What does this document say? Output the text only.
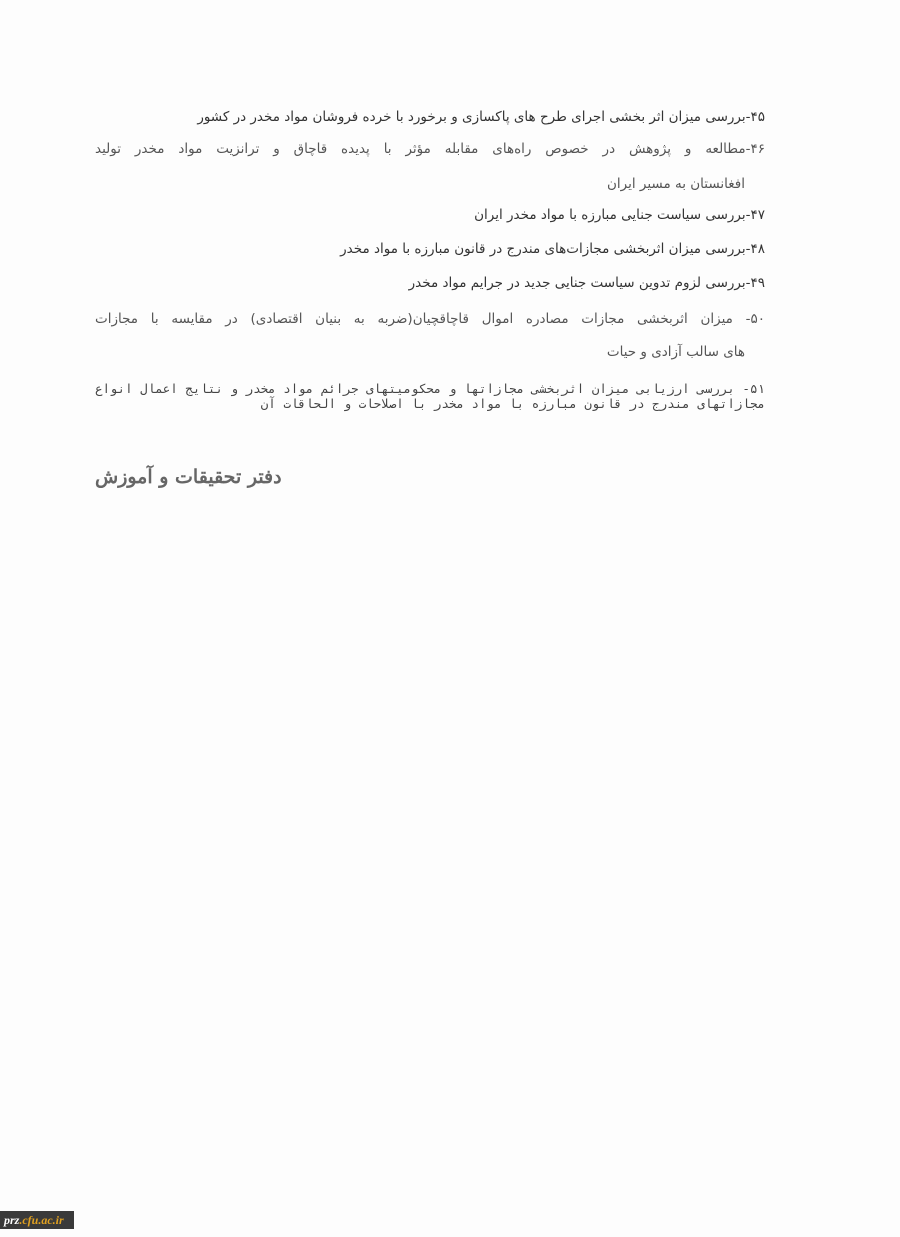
۴۵-بررسی میزان اثر بخشی اجرای طرح های پاکسازی و برخورد با خرده فروشان مواد مخدر در کشور
۴۶-مطالعه و پژوهش در خصوص راه‌های مقابله مؤثر با پدیده قاچاق و ترانزیت مواد مخدر تولید
افغانستان به مسیر ایران
۴۷-بررسی سیاست جنایی مبارزه با مواد مخدر ایران
۴۸-بررسی میزان اثربخشی مجازات‌های مندرج در قانون مبارزه با مواد مخدر
۴۹-بررسی لزوم تدوین سیاست جنایی جدید در جرایم مواد مخدر
۵۰- میزان اثربخشی مجازات مصادره اموال قاچاقچیان(ضربه به بنیان اقتصادی) در مقایسه با مجازات
های سالب آزادی و حیات
۵۱- بررسی ارزیابی میزان اثربخشی مجازاتها و محکومیتهای جرائم مواد مخدر و نتایج اعمال انواع مجازاتهای مندرج در قانون مبارزه با مواد مخدر با اصلاحات و الحاقات آن
دفتر تحقیقات و آموزش
prz.cfu.ac.ir
